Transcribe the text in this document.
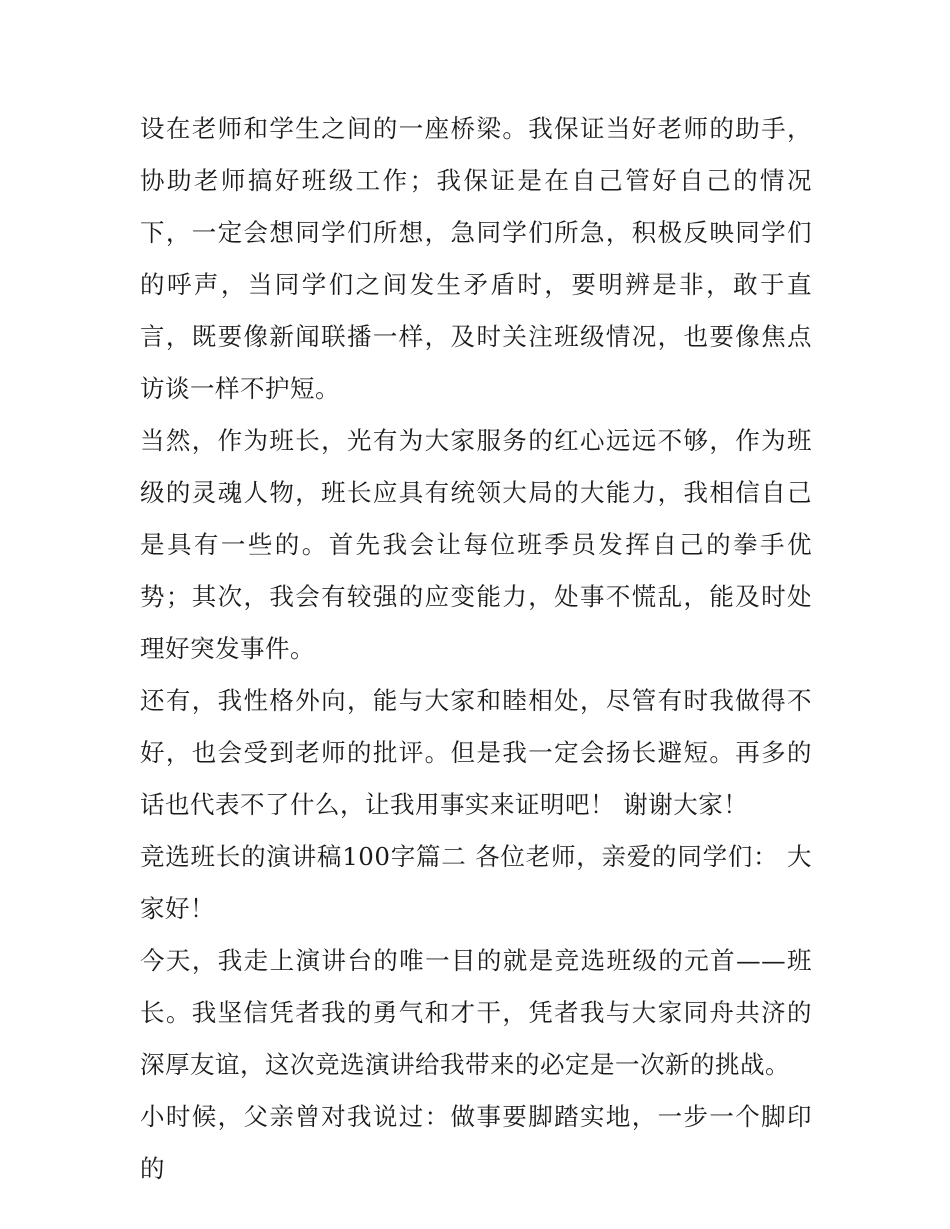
设在老师和学生之间的一座桥梁。我保证当好老师的助手，协助老师搞好班级工作；我保证是在自己管好自己的情况下，一定会想同学们所想，急同学们所急，积极反映同学们的呼声，当同学们之间发生矛盾时，要明辨是非，敢于直言，既要像新闻联播一样，及时关注班级情况，也要像焦点访谈一样不护短。

当然，作为班长，光有为大家服务的红心远远不够，作为班级的灵魂人物，班长应具有统领大局的大能力，我相信自己是具有一些的。首先我会让每位班季员发挥自己的拳手优势；其次，我会有较强的应变能力，处事不慌乱，能及时处理好突发事件。

还有，我性格外向，能与大家和睦相处，尽管有时我做得不好，也会受到老师的批评。但是我一定会扬长避短。再多的话也代表不了什么，让我用事实来证明吧！ 谢谢大家！

竞选班长的演讲稿100字篇二 各位老师，亲爱的同学们： 大家好！

今天，我走上演讲台的唯一目的就是竞选班级的元首——班长。我坚信凭者我的勇气和才干，凭者我与大家同舟共济的深厚友谊，这次竞选演讲给我带来的必定是一次新的挑战。

小时候，父亲曾对我说过：做事要脚踏实地，一步一个脚印的
